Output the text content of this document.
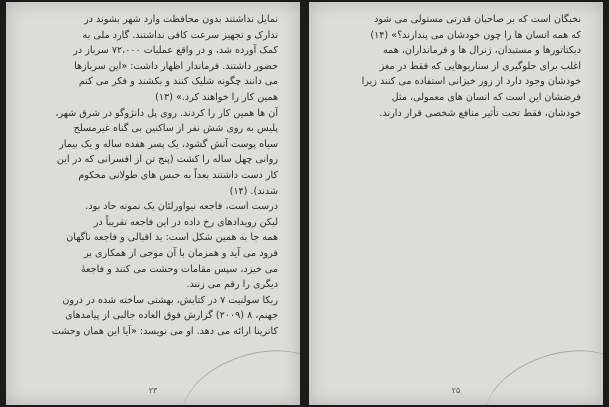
نمایل نداشتند بدون محافظت وارد شهر بشوند در
تدارک و تجهیز سرعت کافی نداشتند. گارد ملی به
کمک آورده شد، و در واقع عملیات ۷۲،۰۰۰ سرباز در
حضور داشتند. فرماندار اظهار داشت: «این سربازها
می دانند چگونه شلیک کنند و بکشند و فکر می کنم
همین کار را خواهند کرد.» (۱۳)
آن ها همین کار را کردند. روی پل دانژوگو در شرق شهر،
پلیس به روی شش نفر از ساکنین بی گناه غیرمسلح
سیاه پوست آتش گشود، یک پسر هفده ساله و یک بیمار
روانی چهل ساله را کشت (پنج تن از افسرانی که در این
کار دست داشتند بعداً به حبس های طولانی محکوم
شدند). (۱۴)
درست است، فاجعه نیواورلئان یک نمونه حاد بود.
لیکن رویدادهای رخ داده در این فاجعه تقریباً در
همه جا به همین شکل است: بد اقبالی و فاجعه ناگهان
فرود می آید و همزمان با آن موجی از همکاری بر
می خیزد، سپس مقامات وحشت می کنند و فاجعهٔ
دیگری را رقم می زنند.
ربکا سولنیت ۷ در کتابش، بهشتی ساخته شده در درون
جهنم، ۸ (۲۰۰۹) گزارش فوق العاده جالبی از پیامدهای
کاترینا ارائه می دهد. او می نویسد: «آیا این همان وحشت
۲۳
نخبگان است که بر صاحبان قدرتی مستولی می شود
که همه انسان ها را چون خودشان می پندارند؟» (۱۴)
دیکتاتورها و مستبدان، ژنرال ها و فرمانداران، همه
اغلب برای جلوگیری از سناریوهایی که فقط در مغز
خودشان وجود دارد از زور خیزانی استفاده می کنند زیرا
فرضشان این است که انسان های معمولی، مثل
خودشان، فقط تحت تأثیر منافع شخصی قرار دارند.
۲۵
